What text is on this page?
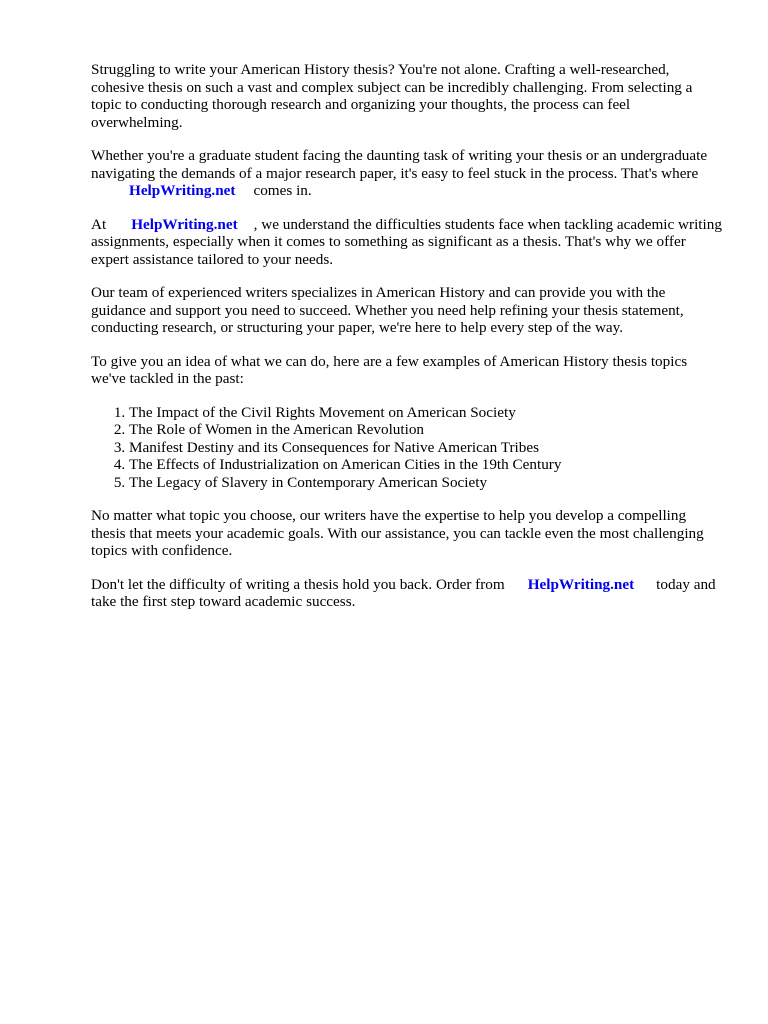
Struggling to write your American History thesis? You're not alone. Crafting a well-researched, cohesive thesis on such a vast and complex subject can be incredibly challenging. From selecting a topic to conducting thorough research and organizing your thoughts, the process can feel overwhelming.

Whether you're a graduate student facing the daunting task of writing your thesis or an undergraduate navigating the demands of a major research paper, it's easy to feel stuck in the process. That's whereHelpWriting.net comes in.

At HelpWriting.net , we understand the difficulties students face when tackling academic writing assignments, especially when it comes to something as significant as a thesis. That's why we offer expert assistance tailored to your needs.

Our team of experienced writers specializes in American History and can provide you with the guidance and support you need to succeed. Whether you need help refining your thesis statement, conducting research, or structuring your paper, we're here to help every step of the way.

To give you an idea of what we can do, here are a few examples of American History thesis topics we've tackled in the past:

1. The Impact of the Civil Rights Movement on American Society
2. The Role of Women in the American Revolution
3. Manifest Destiny and its Consequences for Native American Tribes
4. The Effects of Industrialization on American Cities in the 19th Century
5. The Legacy of Slavery in Contemporary American Society

No matter what topic you choose, our writers have the expertise to help you develop a compelling thesis that meets your academic goals. With our assistance, you can tackle even the most challenging topics with confidence.

Don't let the difficulty of writing a thesis hold you back. Order from HelpWriting.net today and take the first step toward academic success.
